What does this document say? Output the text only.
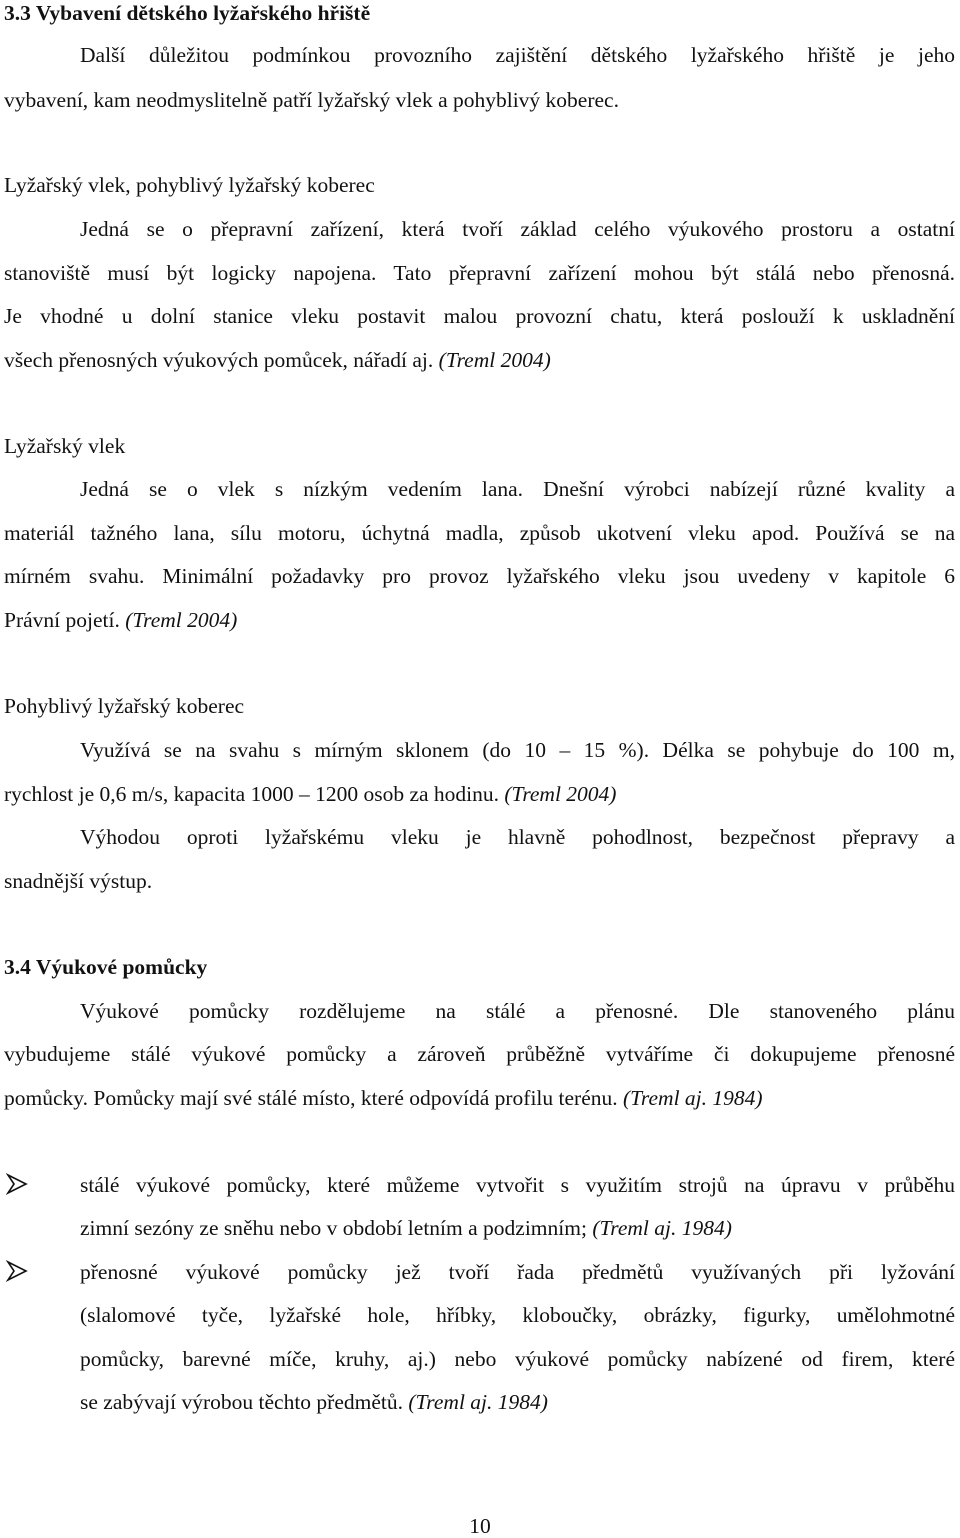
3.3 Vybavení dětského lyžařského hřiště
Další důležitou podmínkou provozního zajištění dětského lyžařského hřiště je jeho
vybavení, kam neodmyslitelně patří lyžařský vlek a pohyblivý koberec.
Lyžařský vlek, pohyblivý lyžařský koberec
Jedná se o přepravní zařízení, která tvoří základ celého výukového prostoru a ostatní
stanoviště musí být logicky napojena. Tato přepravní zařízení mohou být stálá nebo přenosná.
Je vhodné u dolní stanice vleku postavit malou provozní chatu, která poslouží k uskladnění
všech přenosných výukových pomůcek, nářadí aj. (Treml 2004)
Lyžařský vlek
Jedná se o vlek s nízkým vedením lana. Dnešní výrobci nabízejí různé kvality a
materiál tažného lana, sílu motoru, úchytná madla, způsob ukotvení vleku apod. Používá se na
mírném svahu. Minimální požadavky pro provoz lyžařského vleku jsou uvedeny v kapitole 6
Právní pojetí. (Treml 2004)
Pohyblivý lyžařský koberec
Využívá se na svahu s mírným sklonem (do 10 – 15 %). Délka se pohybuje do 100 m,
rychlost je 0,6 m/s, kapacita 1000 – 1200 osob za hodinu. (Treml 2004)
Výhodou oproti lyžařskému vleku je hlavně pohodlnost, bezpečnost přepravy a
snadnější výstup.
3.4 Výukové pomůcky
Výukové pomůcky rozdělujeme na stálé a přenosné. Dle stanoveného plánu
vybudujeme stálé výukové pomůcky a zároveň průběžně vytváříme či dokupujeme přenosné
pomůcky. Pomůcky mají své stálé místo, které odpovídá profilu terénu. (Treml aj. 1984)
stálé výukové pomůcky, které můžeme vytvořit s využitím strojů na úpravu v průběhu
zimní sezóny ze sněhu nebo v období letním a podzimním; (Treml aj. 1984)
přenosné výukové pomůcky jež tvoří řada předmětů využívaných při lyžování
(slalomové tyče, lyžařské hole, hříbky, kloboučky, obrázky, figurky, umělohmotné
pomůcky, barevné míče, kruhy, aj.) nebo výukové pomůcky nabízené od firem, které
se zabývají výrobou těchto předmětů. (Treml aj. 1984)
10
